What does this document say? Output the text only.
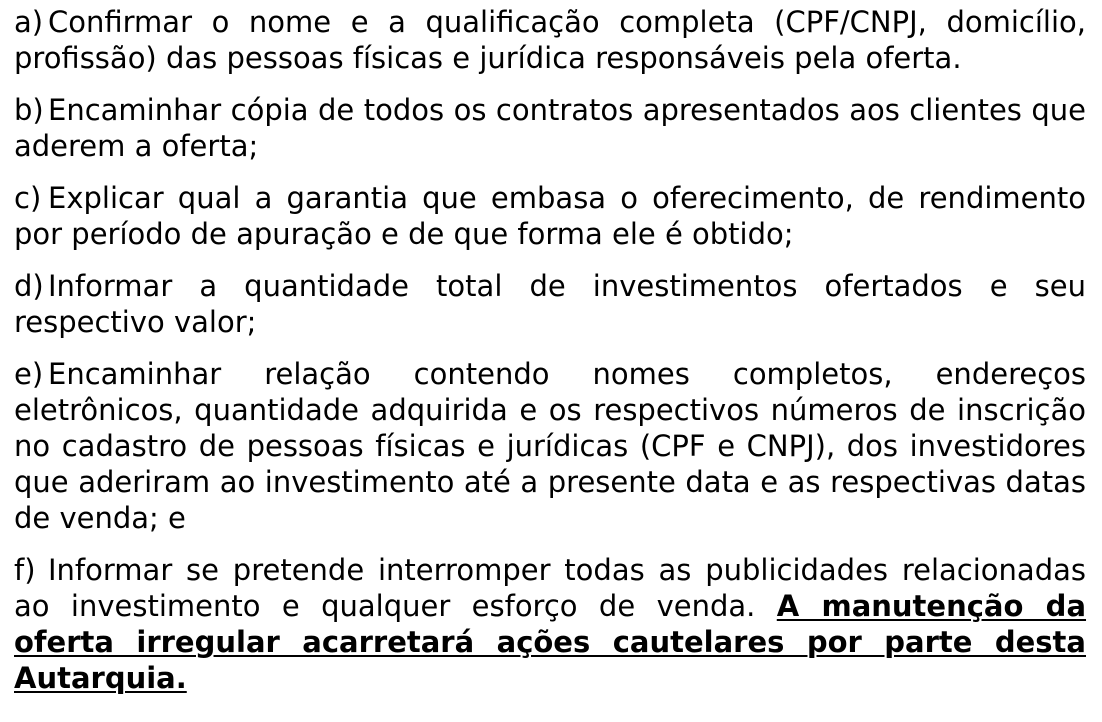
a) Confirmar o nome e a qualificação completa (CPF/CNPJ, domicílio, profissão) das pessoas físicas e jurídica responsáveis pela oferta.

b) Encaminhar cópia de todos os contratos apresentados aos clientes que aderem a oferta;

c) Explicar qual a garantia que embasa o oferecimento, de rendimento por período de apuração e de que forma ele é obtido;

d) Informar a quantidade total de investimentos ofertados e seu respectivo valor;

e) Encaminhar relação contendo nomes completos, endereços eletrônicos, quantidade adquirida e os respectivos números de inscrição no cadastro de pessoas físicas e jurídicas (CPF e CNPJ), dos investidores que aderiram ao investimento até a presente data e as respectivas datas de venda; e

f) Informar se pretende interromper todas as publicidades relacionadas ao investimento e qualquer esforço de venda. A manutenção da oferta irregular acarretará ações cautelares por parte desta Autarquia.
